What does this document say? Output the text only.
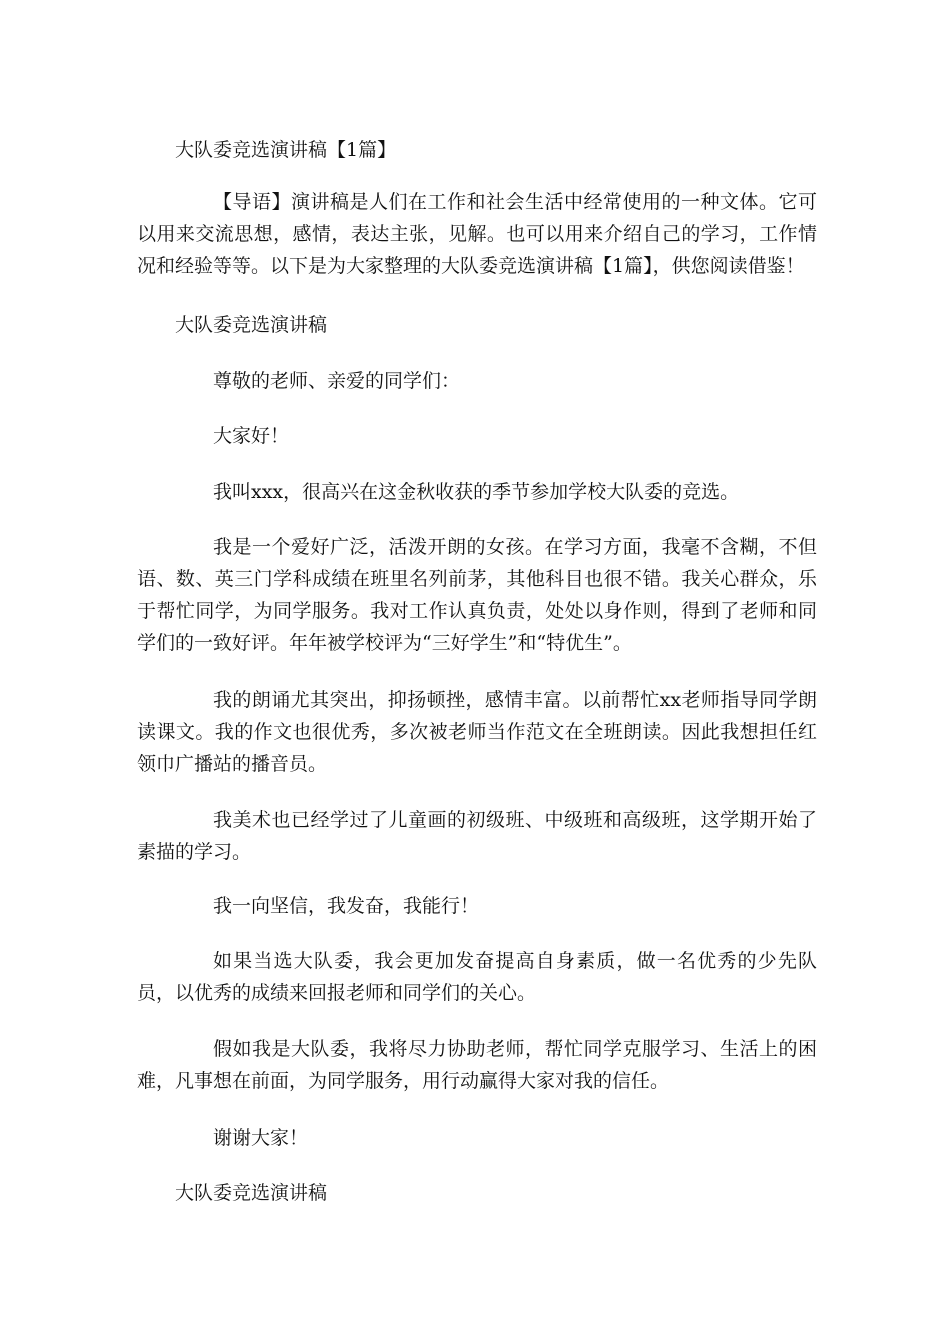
大队委竞选演讲稿【1篇】
【导语】演讲稿是人们在工作和社会生活中经常使用的一种文体。它可以用来交流思想，感情，表达主张，见解。也可以用来介绍自己的学习，工作情况和经验等等。以下是为大家整理的大队委竞选演讲稿【1篇】，供您阅读借鉴！
大队委竞选演讲稿
尊敬的老师、亲爱的同学们：
大家好！
我叫xxx，很高兴在这金秋收获的季节参加学校大队委的竞选。
我是一个爱好广泛，活泼开朗的女孩。在学习方面，我毫不含糊，不但语、数、英三门学科成绩在班里名列前茅，其他科目也很不错。我关心群众，乐于帮忙同学，为同学服务。我对工作认真负责，处处以身作则，得到了老师和同学们的一致好评。年年被学校评为“三好学生”和“特优生”。
我的朗诵尤其突出，抑扬顿挫，感情丰富。以前帮忙xx老师指导同学朗读课文。我的作文也很优秀，多次被老师当作范文在全班朗读。因此我想担任红领巾广播站的播音员。
我美术也已经学过了儿童画的初级班、中级班和高级班，这学期开始了素描的学习。
我一向坚信，我发奋，我能行！
如果当选大队委，我会更加发奋提高自身素质，做一名优秀的少先队员，以优秀的成绩来回报老师和同学们的关心。
假如我是大队委，我将尽力协助老师，帮忙同学克服学习、生活上的困难，凡事想在前面，为同学服务，用行动赢得大家对我的信任。
谢谢大家！
大队委竞选演讲稿
